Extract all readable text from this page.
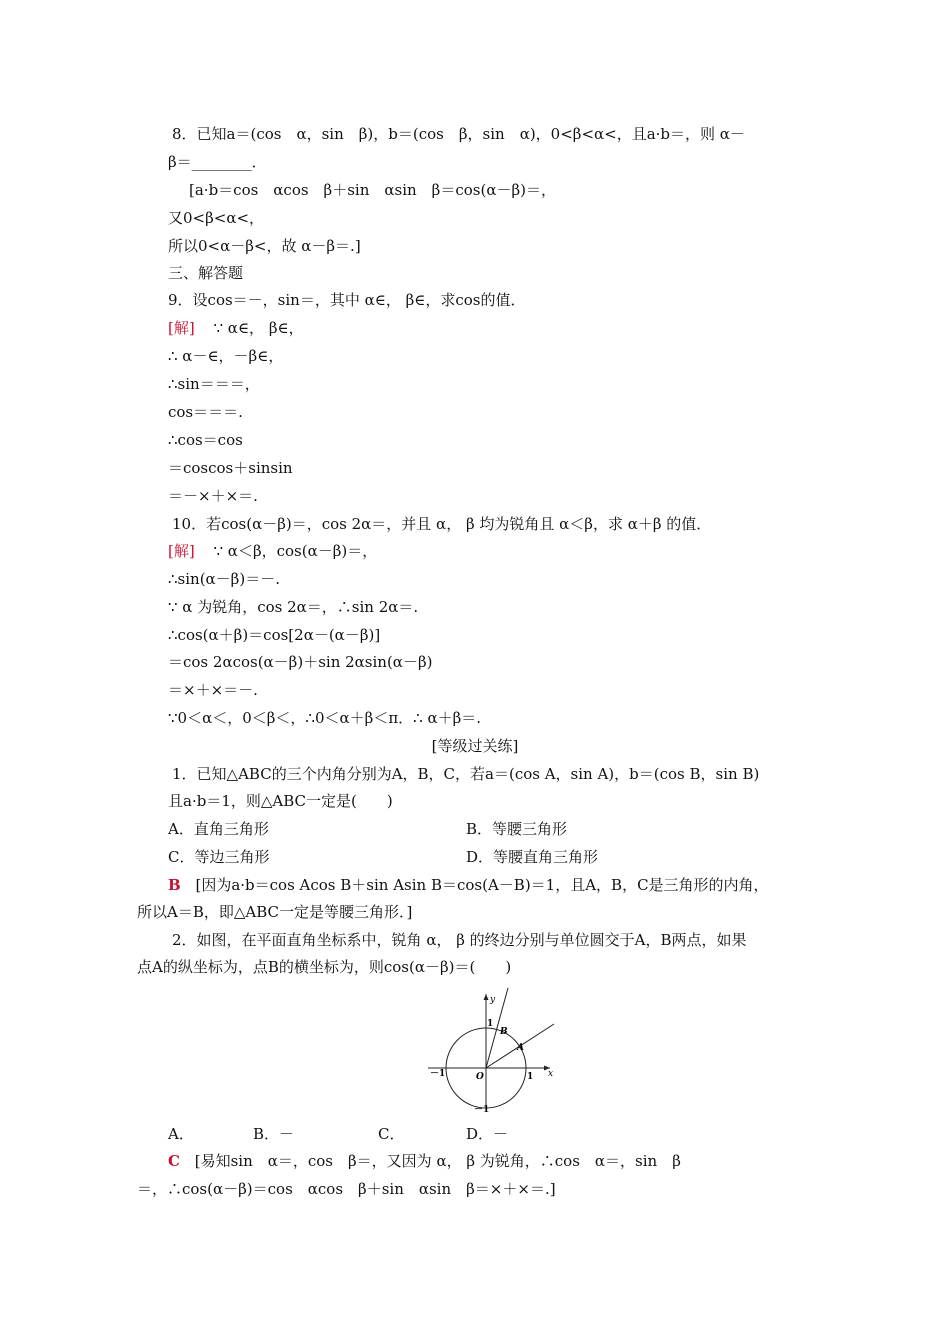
8．已知a＝(cos　α，sin　β)，b＝(cos　β，sin　α)，0<β<α<，且a·b＝，则 α－
β＝________．
[a·b＝cos　αcos　β＋sin　αsin　β＝cos(α－β)＝，
又0<β<α<，
所以0<α－β<，故 α－β＝.]
三、解答题
9．设cos＝－，sin＝，其中 α∈， β∈，求cos的值．
[解] ∵ α∈， β∈，
∴ α－∈，－β∈，
∴sin＝＝＝，
cos＝＝＝.
∴cos＝cos
＝coscos＋sinsin
＝－×＋×＝.
10．若cos(α－β)＝，cos 2α＝，并且 α， β 均为锐角且 α＜β，求 α＋β 的值．
[解] ∵ α＜β，cos(α－β)＝，
∴sin(α－β)＝－.
∵ α 为锐角，cos 2α＝，∴sin 2α＝.
∴cos(α＋β)＝cos[2α－(α－β)]
＝cos 2αcos(α－β)＋sin 2αsin(α－β)
＝×＋×＝－.
∵0＜α＜，0＜β＜，∴0＜α＋β＜π．∴ α＋β＝.
[等级过关练]
1．已知△ABC的三个内角分别为A，B，C，若a＝(cos A，sin A)，b＝(cos B，sin B)
且a·b＝1，则△ABC一定是(　　)
A．直角三角形	B．等腰三角形
C．等边三角形	D．等腰直角三角形
B [因为a·b＝cos Acos B＋sin Asin B＝cos(A－B)＝1，且A，B，C是三角形的内角，
所以A＝B，即△ABC一定是等腰三角形．]
2．如图，在平面直角坐标系中，锐角 α， β 的终边分别与单位圆交于A，B两点，如果
点A的纵坐标为，点B的横坐标为，则cos(α－β)＝(　　)
y
x
O
1
1
－1
－1
B
A
A．	B．－	C．	D．－
C [易知sin　α＝，cos　β＝，又因为 α， β 为锐角，∴cos　α＝，sin　β
＝，∴cos(α－β)＝cos　αcos　β＋sin　αsin　β＝×＋×＝.]
